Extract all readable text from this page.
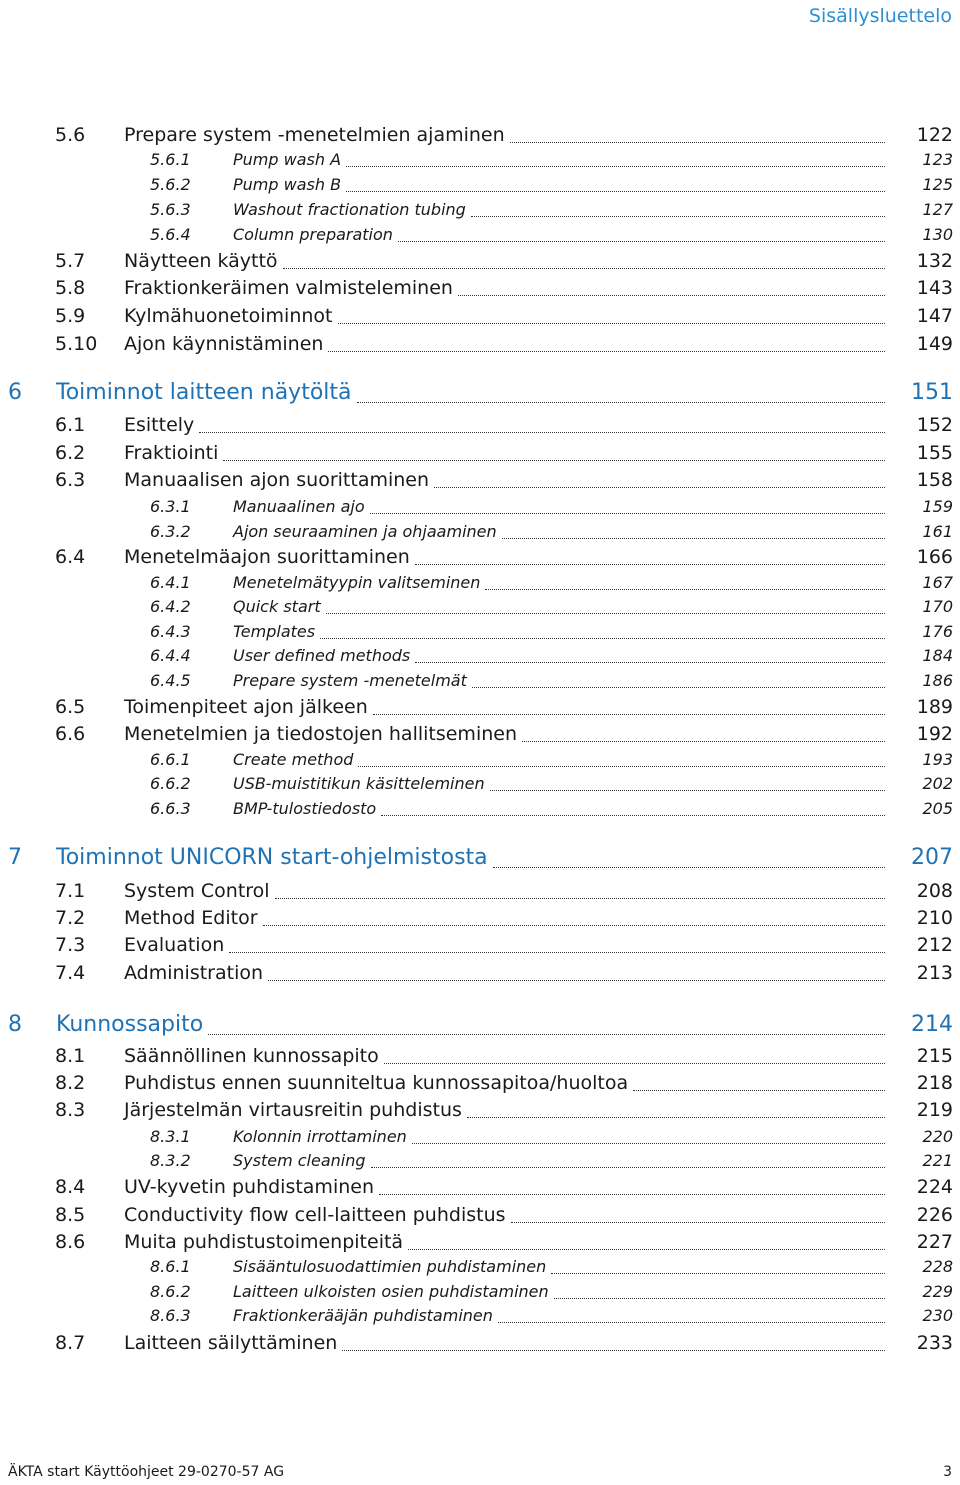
Sisällysluettelo
5.6 Prepare system -menetelmien ajaminen	122
5.6.1	Pump wash A	123
5.6.2	Pump wash B	125
5.6.3	Washout fractionation tubing	127
5.6.4	Column preparation	130
5.7 Näytteen käyttö	132
5.8 Fraktionkeräimen valmisteleminen	143
5.9 Kylmähuonetoiminnot	147
5.10 Ajon käynnistäminen	149
6 Toiminnot laitteen näytöltä	151
6.1 Esittely	152
6.2 Fraktiointi	155
6.3 Manuaalisen ajon suorittaminen	158
6.3.1	Manuaalinen ajo	159
6.3.2	Ajon seuraaminen ja ohjaaminen	161
6.4 Menetelmäajon suorittaminen	166
6.4.1	Menetelmätyypin valitseminen	167
6.4.2	Quick start	170
6.4.3	Templates	176
6.4.4	User defined methods	184
6.4.5	Prepare system -menetelmät	186
6.5 Toimenpiteet ajon jälkeen	189
6.6 Menetelmien ja tiedostojen hallitseminen	192
6.6.1	Create method	193
6.6.2	USB-muistitikun käsitteleminen	202
6.6.3	BMP-tulostiedosto	205
7 Toiminnot UNICORN start-ohjelmistosta	207
7.1 System Control	208
7.2 Method Editor	210
7.3 Evaluation	212
7.4 Administration	213
8 Kunnossapito	214
8.1 Säännöllinen kunnossapito	215
8.2 Puhdistus ennen suunniteltua kunnossapitoa/huoltoa	218
8.3 Järjestelmän virtausreitin puhdistus	219
8.3.1	Kolonnin irrottaminen	220
8.3.2	System cleaning	221
8.4 UV-kyvetin puhdistaminen	224
8.5 Conductivity flow cell-laitteen puhdistus	226
8.6 Muita puhdistustoimenpiteitä	227
8.6.1	Sisääntulosuodattimien puhdistaminen	228
8.6.2	Laitteen ulkoisten osien puhdistaminen	229
8.6.3	Fraktionkerääjän puhdistaminen	230
8.7 Laitteen säilyttäminen	233
ÄKTA start Käyttöohjeet 29-0270-57 AG	3
